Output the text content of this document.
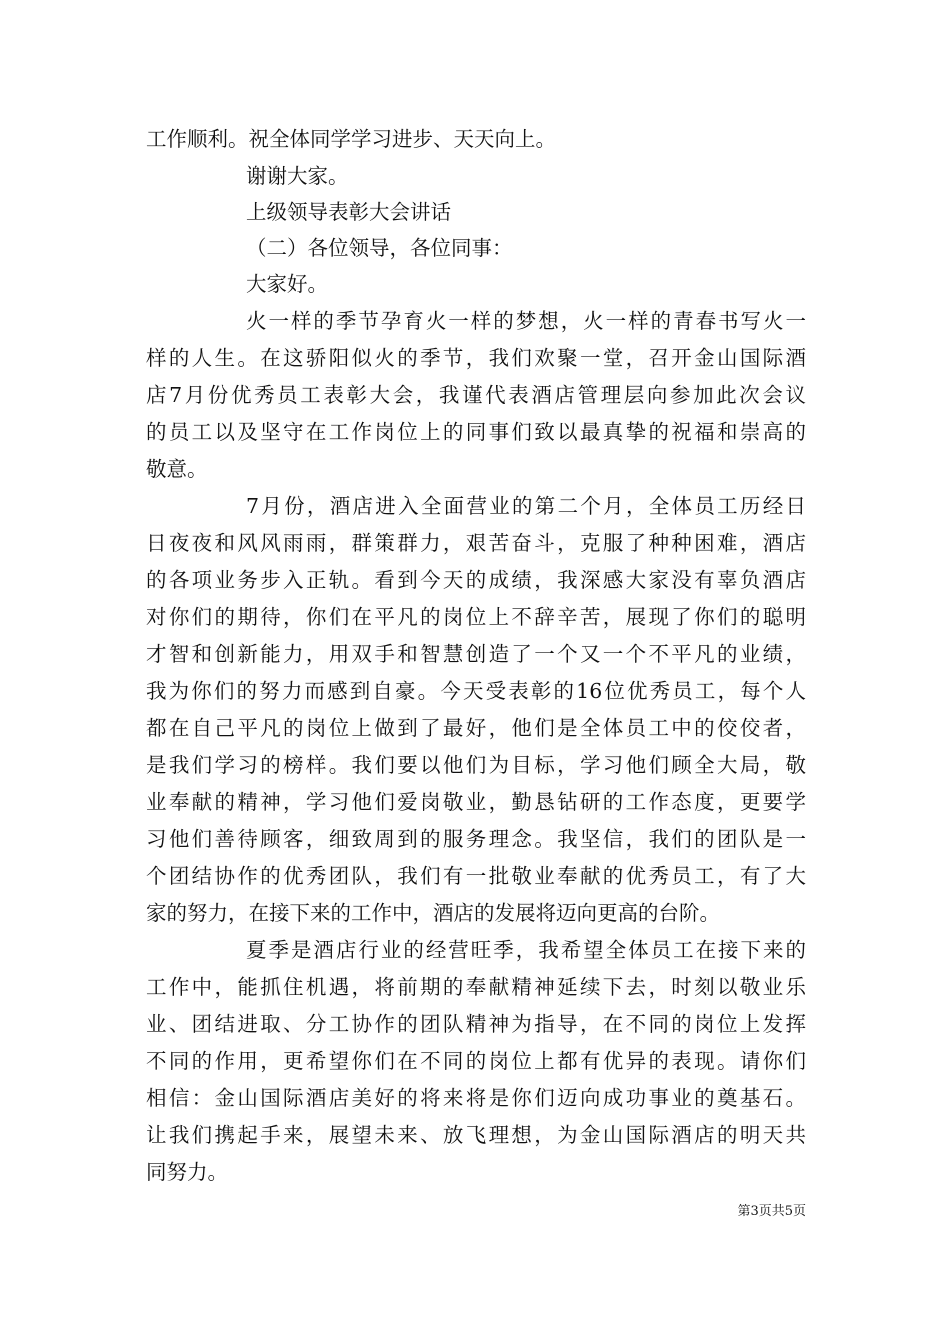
工作顺利。祝全体同学学习进步、天天向上。
谢谢大家。
上级领导表彰大会讲话
（二）各位领导，各位同事：
大家好。
火一样的季节孕育火一样的梦想，火一样的青春书写火一
样的人生。在这骄阳似火的季节，我们欢聚一堂，召开金山国际酒
店7月份优秀员工表彰大会，我谨代表酒店管理层向参加此次会议
的员工以及坚守在工作岗位上的同事们致以最真挚的祝福和崇高的
敬意。
7月份，酒店进入全面营业的第二个月，全体员工历经日
日夜夜和风风雨雨，群策群力，艰苦奋斗，克服了种种困难，酒店
的各项业务步入正轨。看到今天的成绩，我深感大家没有辜负酒店
对你们的期待，你们在平凡的岗位上不辞辛苦，展现了你们的聪明
才智和创新能力，用双手和智慧创造了一个又一个不平凡的业绩，
我为你们的努力而感到自豪。今天受表彰的16位优秀员工，每个人
都在自己平凡的岗位上做到了最好，他们是全体员工中的佼佼者，
是我们学习的榜样。我们要以他们为目标，学习他们顾全大局，敬
业奉献的精神，学习他们爱岗敬业，勤恳钻研的工作态度，更要学
习他们善待顾客，细致周到的服务理念。我坚信，我们的团队是一
个团结协作的优秀团队，我们有一批敬业奉献的优秀员工，有了大
家的努力，在接下来的工作中，酒店的发展将迈向更高的台阶。
夏季是酒店行业的经营旺季，我希望全体员工在接下来的
工作中，能抓住机遇，将前期的奉献精神延续下去，时刻以敬业乐
业、团结进取、分工协作的团队精神为指导，在不同的岗位上发挥
不同的作用，更希望你们在不同的岗位上都有优异的表现。请你们
相信：金山国际酒店美好的将来将是你们迈向成功事业的奠基石。
让我们携起手来，展望未来、放飞理想，为金山国际酒店的明天共
同努力。
第3页共5页
